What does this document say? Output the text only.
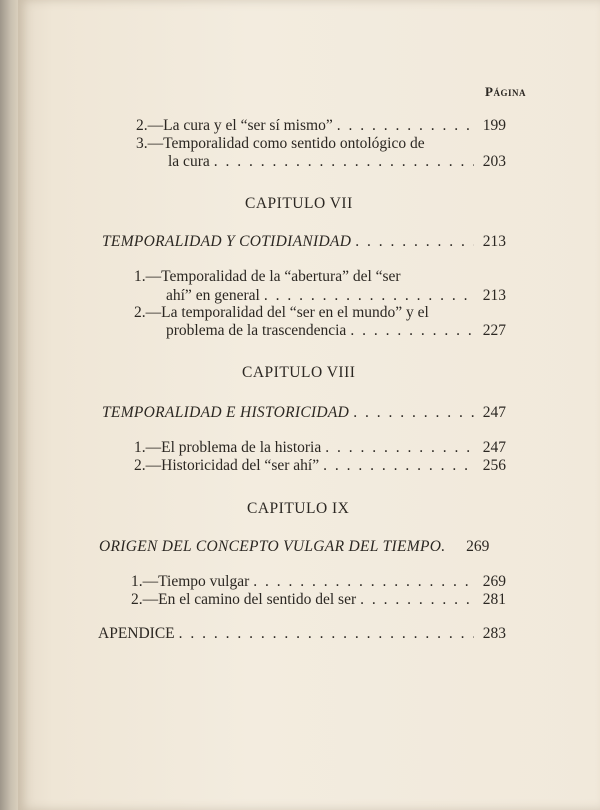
Página
2.—La cura y el “ser sí mismo” . . .	199
3.—Temporalidad como sentido ontológico de
la cura . . .	203
CAPITULO VII
TEMPORALIDAD Y COTIDIANIDAD . . .	213
1.—Temporalidad de la “abertura” del “ser
ahí” en general . . .	213
2.—La temporalidad del “ser en el mundo” y el
problema de la trascendencia . . .	227
CAPITULO VIII
TEMPORALIDAD E HISTORICIDAD . . .	247
1.—El problema de la historia . . .	247
2.—Historicidad del “ser ahí” . . .	256
CAPITULO IX
ORIGEN DEL CONCEPTO VULGAR DEL TIEMPO.	269
1.—Tiempo vulgar . . .	269
2.—En el camino del sentido del ser . . .	281
APENDICE . . .	283
